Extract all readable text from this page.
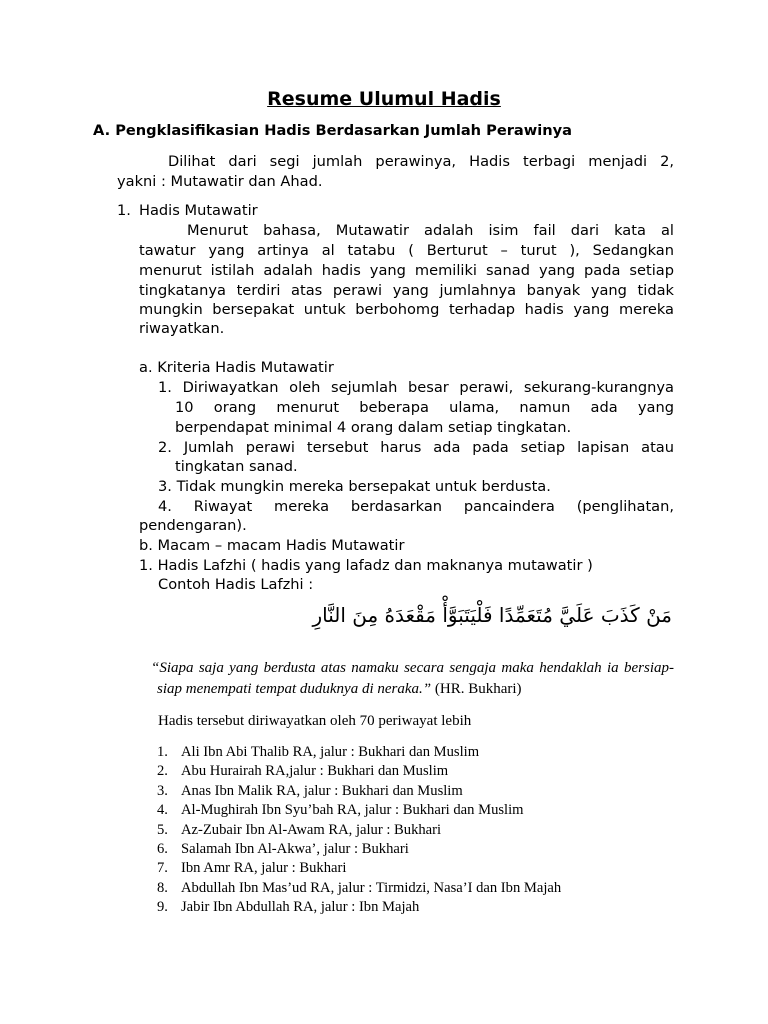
Resume Ulumul Hadis

A. Pengklasifikasian Hadis Berdasarkan Jumlah Perawinya

Dilihat dari segi jumlah perawinya, Hadis terbagi menjadi 2,

yakni : Mutawatir dan Ahad.

1. Hadis Mutawatir

Menurut bahasa, Mutawatir adalah isim fail dari kata al

tawatur yang artinya al tatabu ( Berturut – turut ), Sedangkan

menurut istilah adalah hadis yang memiliki sanad yang pada setiap

tingkatanya terdiri atas perawi yang jumlahnya banyak yang tidak

mungkin bersepakat untuk berbohomg terhadap hadis yang mereka

riwayatkan.

a. Kriteria Hadis Mutawatir

1. Diriwayatkan oleh sejumlah besar perawi, sekurang-kurangnya

10 orang menurut beberapa ulama, namun ada yang

berpendapat minimal 4 orang dalam setiap tingkatan.

2. Jumlah perawi tersebut harus ada pada setiap lapisan atau

tingkatan sanad.

3. Tidak mungkin mereka bersepakat untuk berdusta.

4. Riwayat mereka berdasarkan pancaindera (penglihatan,

pendengaran).

b. Macam – macam Hadis Mutawatir

1. Hadis Lafzhi ( hadis yang lafadz dan maknanya mutawatir )

Contoh Hadis Lafzhi :

مَنْ كَذَبَ عَلَيَّ مُتَعَمِّدًا فَلْيَتَبَوَّأْ مَقْعَدَهُ مِنَ النَّارِ

“Siapa saja yang berdusta atas namaku secara sengaja maka hendaklah ia bersiap-

siap menempati tempat duduknya di neraka.” (HR. Bukhari)

Hadis tersebut diriwayatkan oleh 70 periwayat lebih

1. Ali Ibn Abi Thalib RA, jalur : Bukhari dan Muslim
2. Abu Hurairah RA,jalur : Bukhari dan Muslim
3. Anas Ibn Malik RA, jalur : Bukhari dan Muslim
4. Al-Mughirah Ibn Syu’bah RA, jalur : Bukhari dan Muslim
5. Az-Zubair Ibn Al-Awam RA, jalur : Bukhari
6. Salamah Ibn Al-Akwa’, jalur : Bukhari
7. Ibn Amr RA, jalur : Bukhari
8. Abdullah Ibn Mas’ud RA, jalur : Tirmidzi, Nasa’I dan Ibn Majah
9. Jabir Ibn Abdullah RA, jalur : Ibn Majah
